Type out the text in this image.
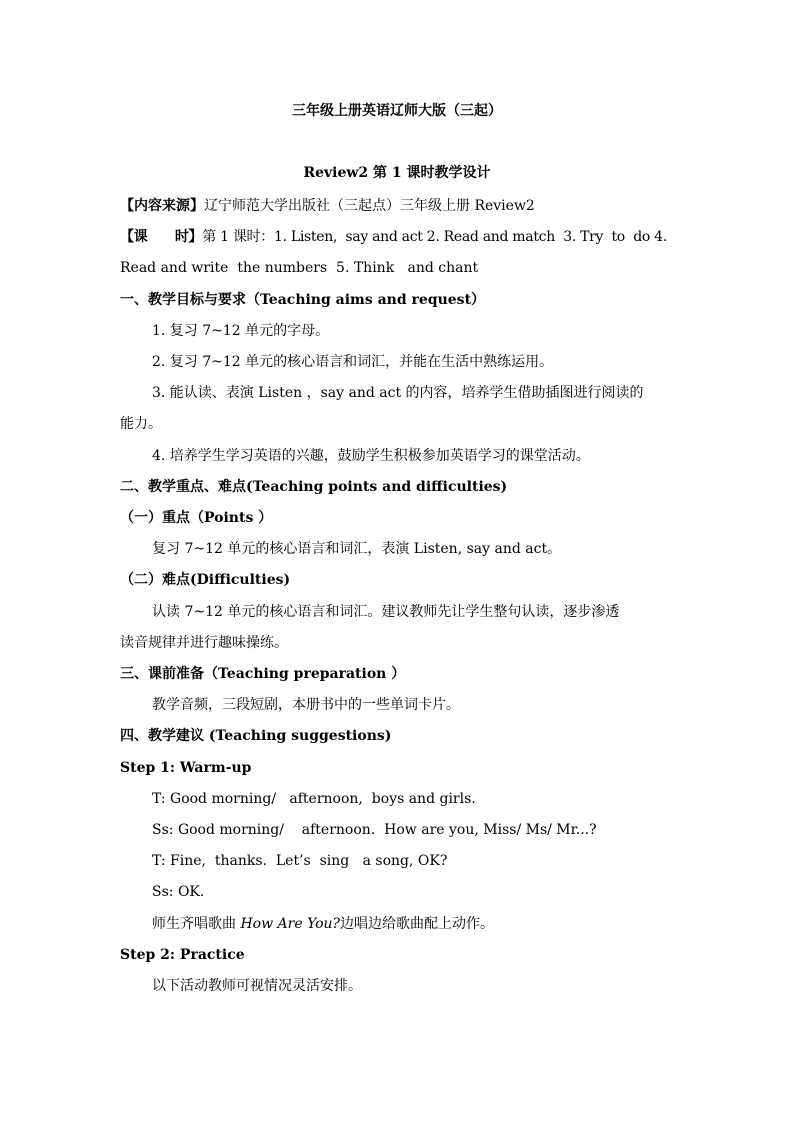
三年级上册英语辽师大版（三起）
Review2 第 1 课时教学设计
【内容来源】辽宁师范大学出版社（三起点）三年级上册 Review2
【课      时】第 1 课时：1. Listen,  say and act 2. Read and match  3. Try  to  do 4.
Read and write  the numbers  5. Think   and chant
一、教学目标与要求（Teaching aims and request）
1. 复习 7~12 单元的字母。
2. 复习 7~12 单元的核心语言和词汇，并能在生活中熟练运用。
3. 能认读、表演 Listen ，say and act 的内容，培养学生借助插图进行阅读的
能力。
4. 培养学生学习英语的兴趣，鼓励学生积极参加英语学习的课堂活动。
二、教学重点、难点(Teaching points and difficulties)
（一）重点（Points ）
复习 7~12 单元的核心语言和词汇，表演 Listen, say and act。
（二）难点(Difficulties)
认读 7~12 单元的核心语言和词汇。建议教师先让学生整句认读，逐步渗透
读音规律并进行趣味操练。
三、课前准备（Teaching preparation ）
教学音频，三段短剧，本册书中的一些单词卡片。
四、教学建议 (Teaching suggestions)
Step 1: Warm-up
T: Good morning/   afternoon,  boys and girls.
Ss: Good morning/    afternoon.  How are you, Miss/ Ms/ Mr...?
T: Fine,  thanks.  Let’s  sing   a song, OK?
Ss: OK.
师生齐唱歌曲 How Are You?边唱边给歌曲配上动作。
Step 2: Practice
以下活动教师可视情况灵活安排。
